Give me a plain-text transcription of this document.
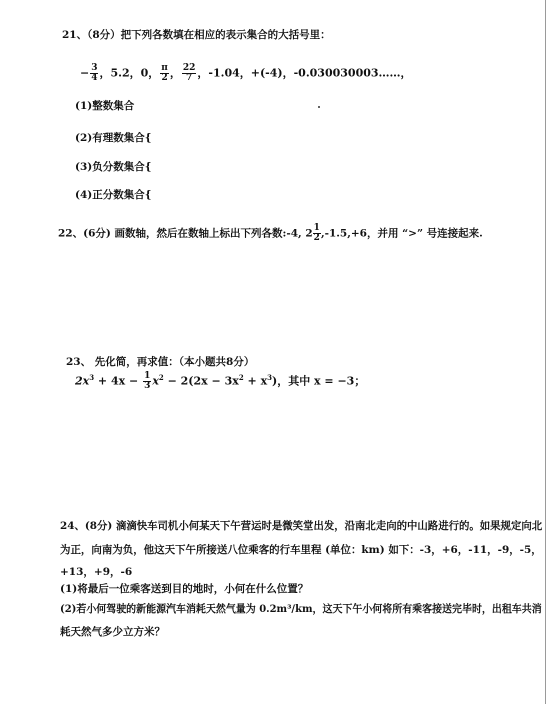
21、（8分）把下列各数填在相应的表示集合的大括号里：
− $\frac{3}{4}$ ，5.2，0， $\frac{\pi}{2}$ ， $\frac{22}{7}$ ，-1.04，+(-4)，-0.030030003……，
(1)整数集合
(2)有理数集合{
(3)负分数集合{
(4)正分数集合{
22、(6分) 画数轴，然后在数轴上标出下列各数:-4, $2 \frac{1}{2} ,-1.5,+6$，并用 “>” 号连接起来.
23、 先化简，再求值：（本小题共8分）
$2x^3 + 4x - \frac{1}{3} x^2 - 2(2x - 3x^2 + x^3)$，其中 x = −3；
24、(8分) 滴滴快车司机小何某天下午营运时是微笑堂出发，沿南北走向的中山路进行的。如果规定向北
为正，向南为负，他这天下午所接送八位乘客的行车里程 (单位：km) 如下：-3，+6，-11，-9，-5，
+13，+9，-6
(1)将最后一位乘客送到目的地时，小何在什么位置？
(2)若小何驾驶的新能源汽车消耗天然气量为 0.2m³/km，这天下午小何将所有乘客接送完毕时，出租车共消
耗天然气多少立方米？
